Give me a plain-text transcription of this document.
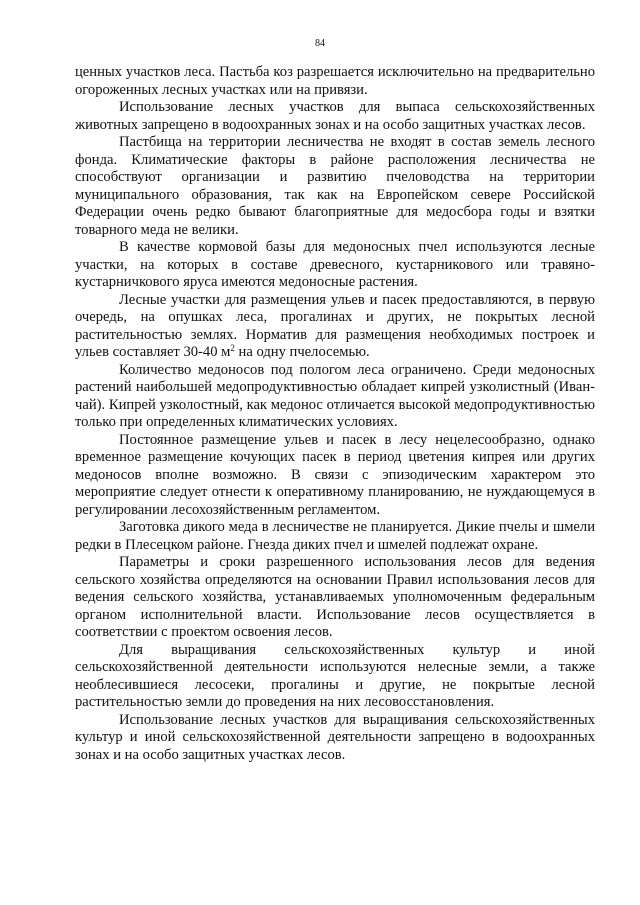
84

ценных участков леса. Пастьба коз разрешается исключительно на предварительно огороженных лесных участках или на привязи.

Использование лесных участков для выпаса сельскохозяйственных животных запрещено в водоохранных зонах и на особо защитных участках лесов.

Пастбища на территории лесничества не входят в состав земель лесного фонда. Климатические факторы в районе расположения лесничества не способствуют организации и развитию пчеловодства на территории муниципального образования, так как на Европейском севере Российской Федерации очень редко бывают благоприятные для медосбора годы и взятки товарного меда не велики.

В качестве кормовой базы для медоносных пчел используются лесные участки, на которых в составе древесного, кустарникового или травяно-кустарничкового яруса имеются медоносные растения.

Лесные участки для размещения ульев и пасек предоставляются, в первую очередь, на опушках леса, прогалинах и других, не покрытых лесной растительностью землях. Норматив для размещения необходимых построек и ульев составляет 30-40 $м^2$ на одну пчелосемью.

Количество медоносов под пологом леса ограничено. Среди медоносных растений наибольшей медопродуктивностью обладает кипрей узколистный (Иван-чай). Кипрей узколостный, как медонос отличается высокой медопродуктивностью только при определенных климатических условиях.

Постоянное размещение ульев и пасек в лесу нецелесообразно, однако временное размещение кочующих пасек в период цветения кипрея или других медоносов вполне возможно. В связи с эпизодическим характером это мероприятие следует отнести к оперативному планированию, не нуждающемуся в регулировании лесохозяйственным регламентом.

Заготовка дикого меда в лесничестве не планируется. Дикие пчелы и шмели редки в Плесецком районе. Гнезда диких пчел и шмелей подлежат охране.

Параметры и сроки разрешенного использования лесов для ведения сельского хозяйства определяются на основании Правил использования лесов для ведения сельского хозяйства, устанавливаемых уполномоченным федеральным органом исполнительной власти. Использование лесов осуществляется в соответствии с проектом освоения лесов.

Для выращивания сельскохозяйственных культур и иной сельскохозяйственной деятельности используются нелесные земли, а также необлесившиеся лесосеки, прогалины и другие, не покрытые лесной растительностью земли до проведения на них лесовосстановления.

Использование лесных участков для выращивания сельскохозяйственных культур и иной сельскохозяйственной деятельности запрещено в водоохранных зонах и на особо защитных участках лесов.
